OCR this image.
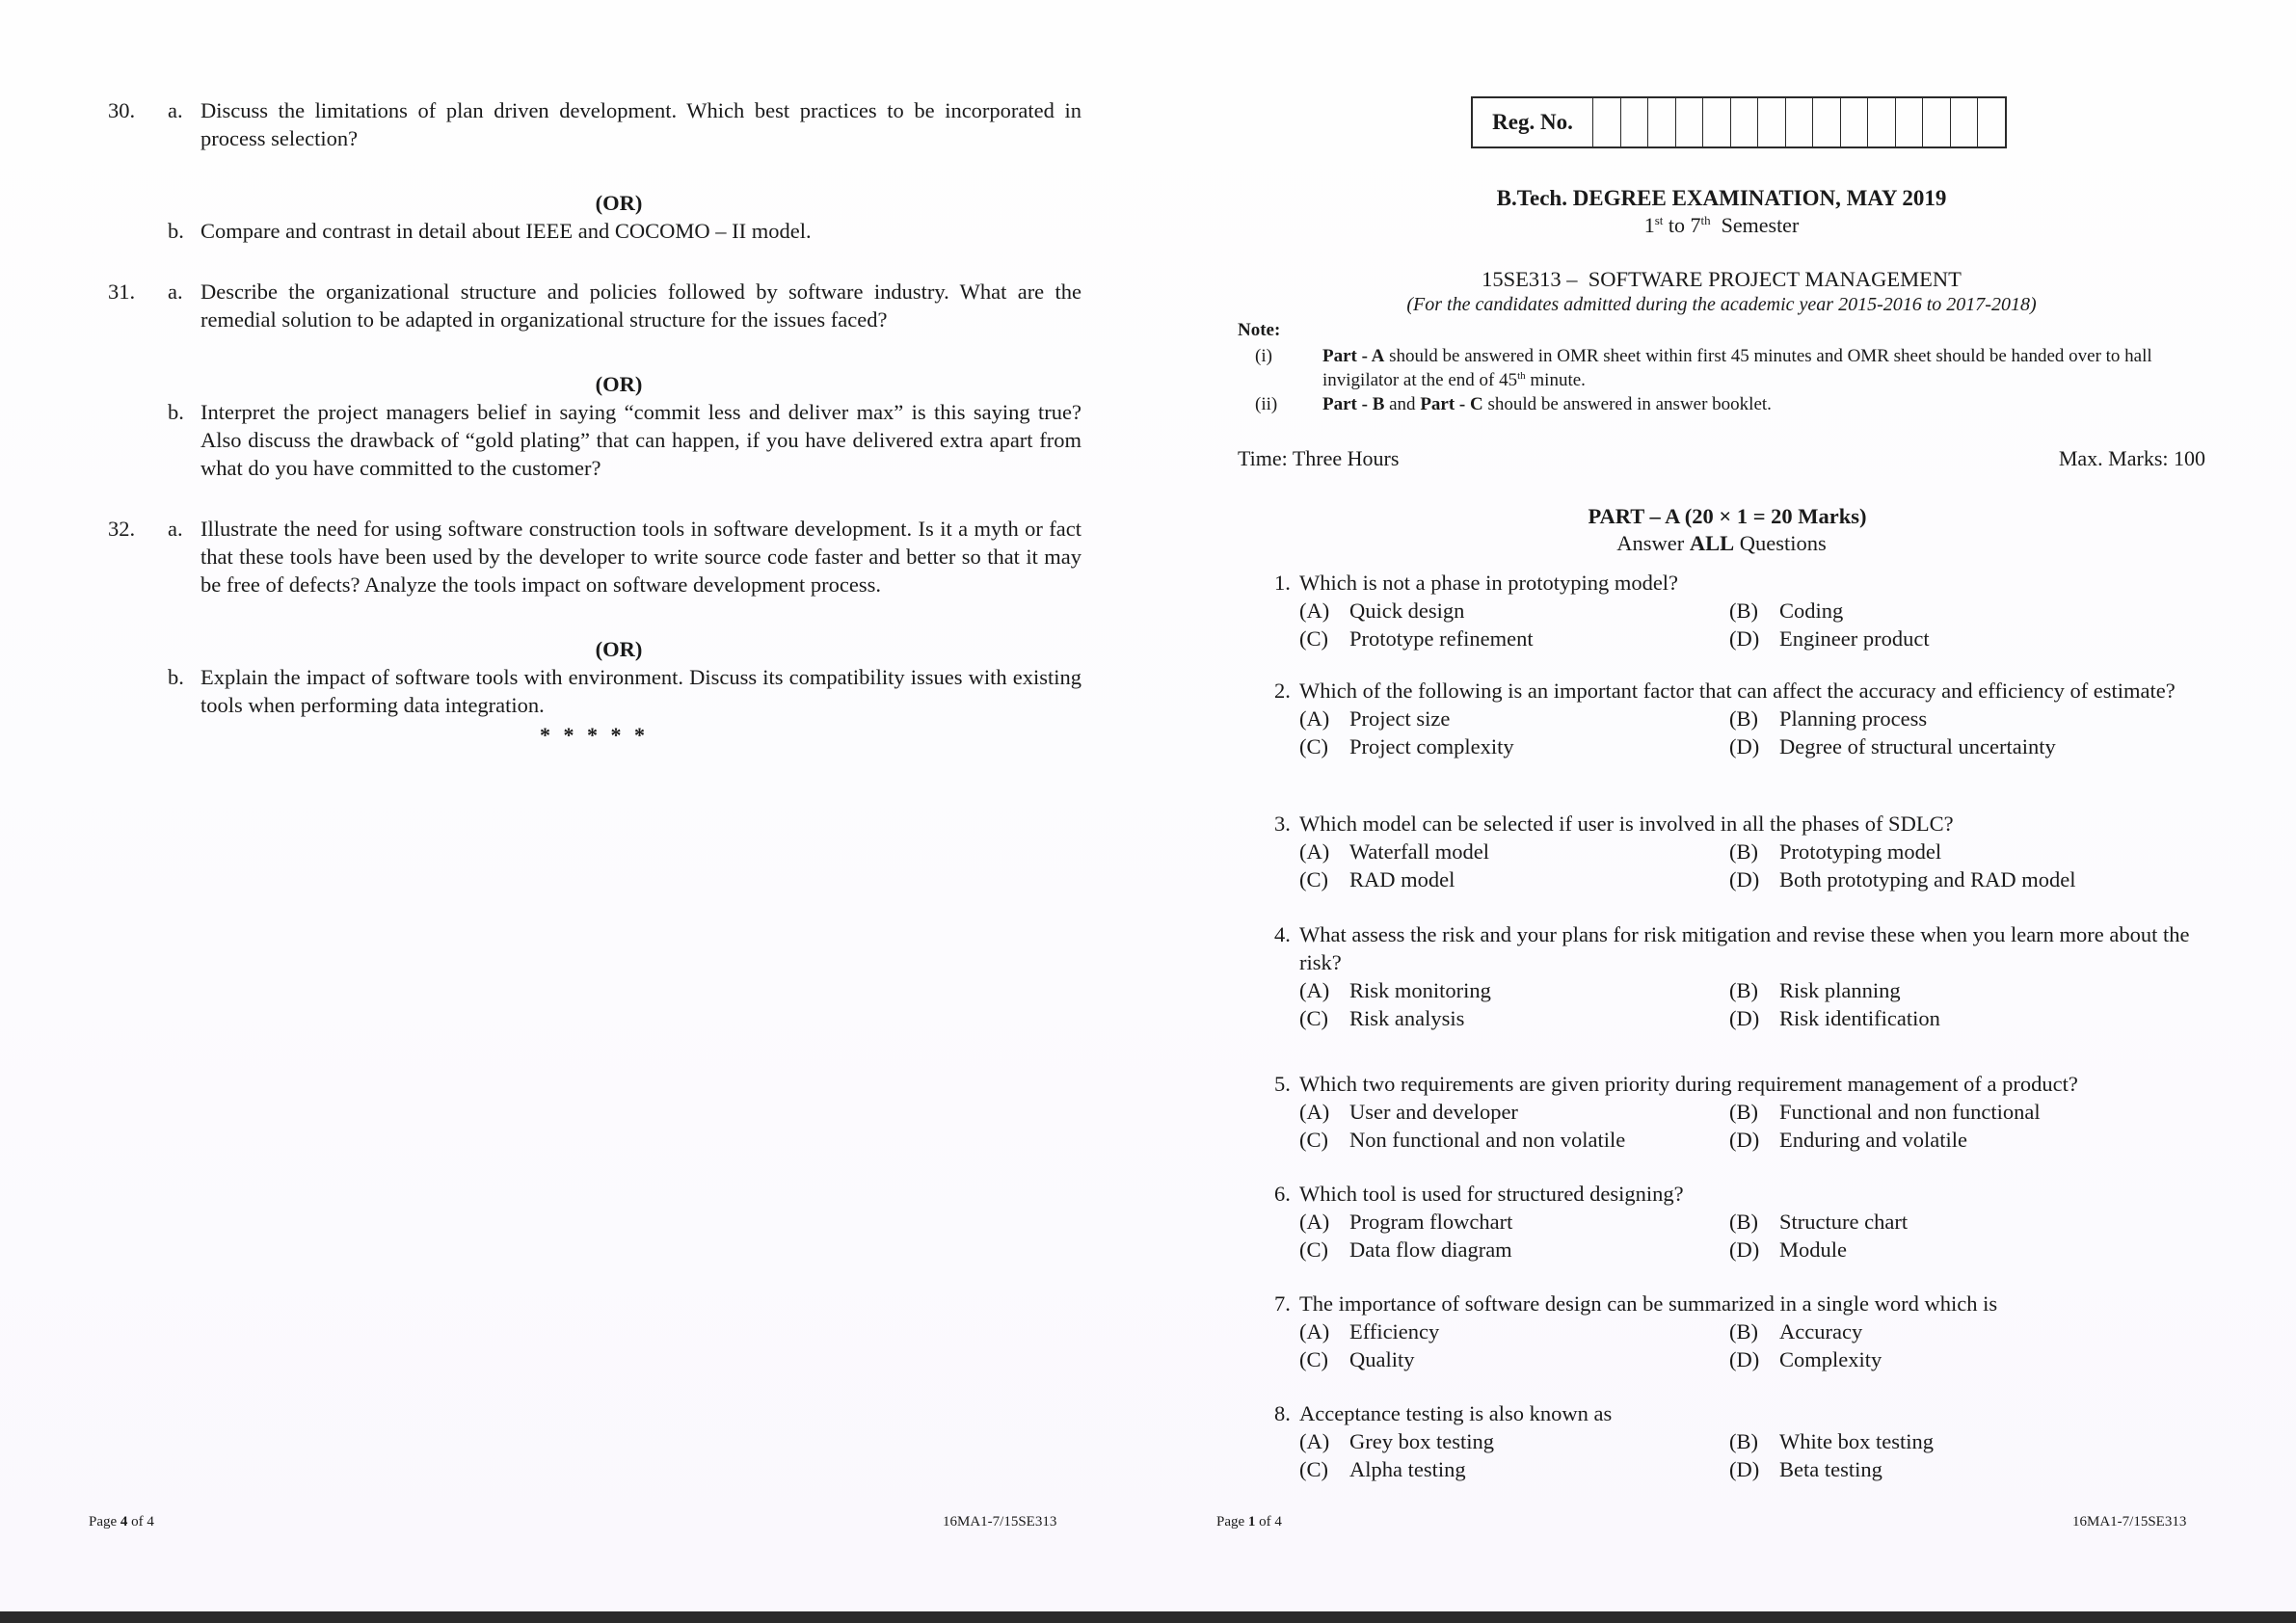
30.	a. Discuss the limitations of plan driven development. Which best practices to be incorporated in process selection?
(OR)
b. Compare and contrast in detail about IEEE and COCOMO – II model.
31.	a. Describe the organizational structure and policies followed by software industry. What are the remedial solution to be adapted in organizational structure for the issues faced?
(OR)
b. Interpret the project managers belief in saying “commit less and deliver max” is this saying true? Also discuss the drawback of “gold plating” that can happen, if you have delivered extra apart from what do you have committed to the customer?
32.	a. Illustrate the need for using software construction tools in software development. Is it a myth or fact that these tools have been used by the developer to write source code faster and better so that it may be free of defects? Analyze the tools impact on software development process.
(OR)
b. Explain the impact of software tools with environment. Discuss its compatibility issues with existing tools when performing data integration.
* * * * *
Page 4 of 4	16MA1-7/15SE313
Reg. No.
B.Tech. DEGREE EXAMINATION, MAY 2019
1st to 7th  Semester
15SE313 –  SOFTWARE PROJECT MANAGEMENT
(For the candidates admitted during the academic year 2015-2016 to 2017-2018)
Note:
(i)	Part - A should be answered in OMR sheet within first 45 minutes and OMR sheet should be handed over to hall invigilator at the end of 45th minute.
(ii)	Part - B and Part - C should be answered in answer booklet.
Time: Three Hours	Max. Marks: 100
PART – A (20 × 1 = 20 Marks)
Answer ALL Questions
1. Which is not a phase in prototyping model?
(A) Quick design	(B) Coding
(C) Prototype refinement	(D) Engineer product
2. Which of the following is an important factor that can affect the accuracy and efficiency of estimate?
(A) Project size	(B) Planning process
(C) Project complexity	(D) Degree of structural uncertainty
3. Which model can be selected if user is involved in all the phases of SDLC?
(A) Waterfall model	(B) Prototyping model
(C) RAD model	(D) Both prototyping and RAD model
4. What assess the risk and your plans for risk mitigation and revise these when you learn more about the risk?
(A) Risk monitoring	(B) Risk planning
(C) Risk analysis	(D) Risk identification
5. Which two requirements are given priority during requirement management of a product?
(A) User and developer	(B) Functional and non functional
(C) Non functional and non volatile	(D) Enduring and volatile
6. Which tool is used for structured designing?
(A) Program flowchart	(B) Structure chart
(C) Data flow diagram	(D) Module
7. The importance of software design can be summarized in a single word which is
(A) Efficiency	(B) Accuracy
(C) Quality	(D) Complexity
8. Acceptance testing is also known as
(A) Grey box testing	(B) White box testing
(C) Alpha testing	(D) Beta testing
Page 1 of 4	16MA1-7/15SE313
